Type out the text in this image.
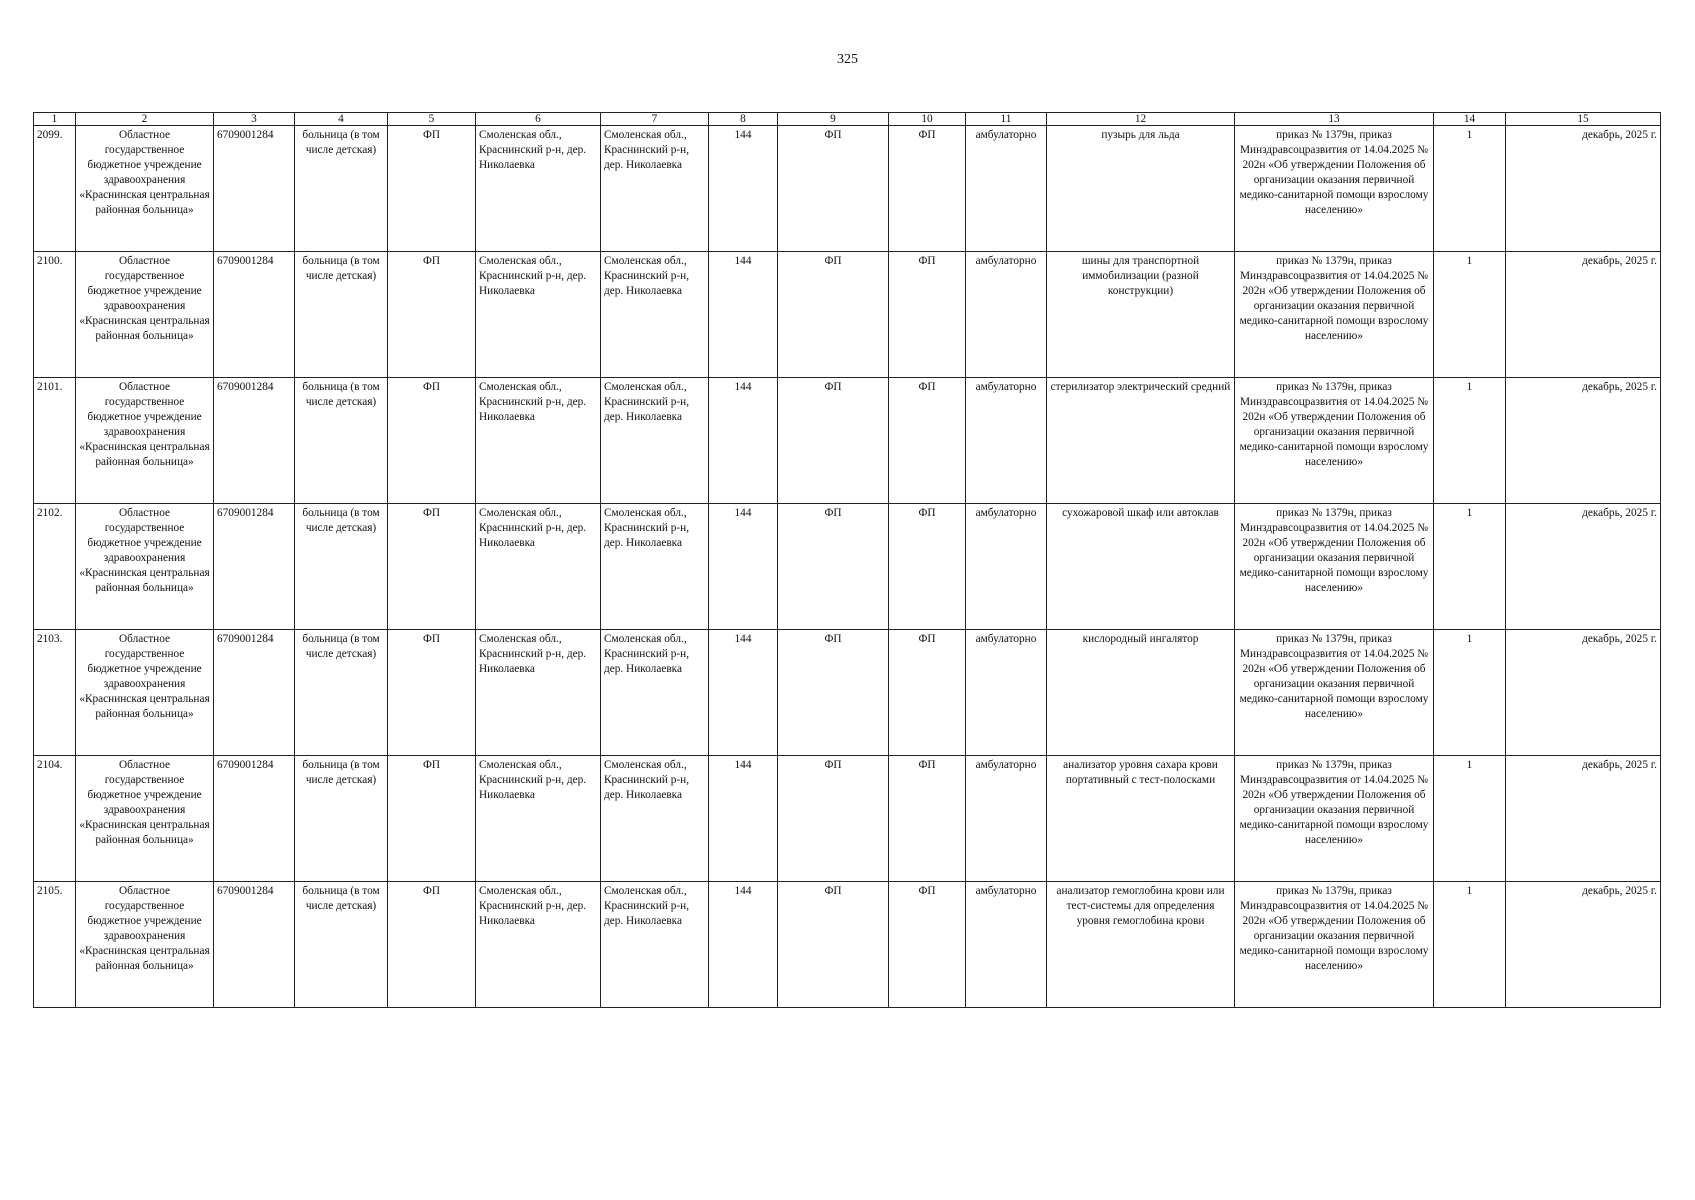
325
1	2	3	4	5	6	7	8	9	10	11	12	13	14	15
2099.	Областное государственное бюджетное учреждение здравоохранения «Краснинская центральная районная больница»	6709001284	больница (в том числе детская)	ФП	Смоленская обл., Краснинский р-н, дер. Николаевка	Смоленская обл., Краснинский р-н, дер. Николаевка	144	ФП	ФП	амбулаторно	пузырь для льда	приказ № 1379н, приказ Минздравсоцразвития от 14.04.2025 № 202н «Об утверждении Положения об организации оказания первичной медико-санитарной помощи взрослому населению»	1	декабрь, 2025 г.
2100.	Областное государственное бюджетное учреждение здравоохранения «Краснинская центральная районная больница»	6709001284	больница (в том числе детская)	ФП	Смоленская обл., Краснинский р-н, дер. Николаевка	Смоленская обл., Краснинский р-н, дер. Николаевка	144	ФП	ФП	амбулаторно	шины для транспортной иммобилизации (разной конструкции)	приказ № 1379н, приказ Минздравсоцразвития от 14.04.2025 № 202н «Об утверждении Положения об организации оказания первичной медико-санитарной помощи взрослому населению»	1	декабрь, 2025 г.
2101.	Областное государственное бюджетное учреждение здравоохранения «Краснинская центральная районная больница»	6709001284	больница (в том числе детская)	ФП	Смоленская обл., Краснинский р-н, дер. Николаевка	Смоленская обл., Краснинский р-н, дер. Николаевка	144	ФП	ФП	амбулаторно	стерилизатор электрический средний	приказ № 1379н, приказ Минздравсоцразвития от 14.04.2025 № 202н «Об утверждении Положения об организации оказания первичной медико-санитарной помощи взрослому населению»	1	декабрь, 2025 г.
2102.	Областное государственное бюджетное учреждение здравоохранения «Краснинская центральная районная больница»	6709001284	больница (в том числе детская)	ФП	Смоленская обл., Краснинский р-н, дер. Николаевка	Смоленская обл., Краснинский р-н, дер. Николаевка	144	ФП	ФП	амбулаторно	сухожаровой шкаф или автоклав	приказ № 1379н, приказ Минздравсоцразвития от 14.04.2025 № 202н «Об утверждении Положения об организации оказания первичной медико-санитарной помощи взрослому населению»	1	декабрь, 2025 г.
2103.	Областное государственное бюджетное учреждение здравоохранения «Краснинская центральная районная больница»	6709001284	больница (в том числе детская)	ФП	Смоленская обл., Краснинский р-н, дер. Николаевка	Смоленская обл., Краснинский р-н, дер. Николаевка	144	ФП	ФП	амбулаторно	кислородный ингалятор	приказ № 1379н, приказ Минздравсоцразвития от 14.04.2025 № 202н «Об утверждении Положения об организации оказания первичной медико-санитарной помощи взрослому населению»	1	декабрь, 2025 г.
2104.	Областное государственное бюджетное учреждение здравоохранения «Краснинская центральная районная больница»	6709001284	больница (в том числе детская)	ФП	Смоленская обл., Краснинский р-н, дер. Николаевка	Смоленская обл., Краснинский р-н, дер. Николаевка	144	ФП	ФП	амбулаторно	анализатор уровня сахара крови портативный с тест-полосками	приказ № 1379н, приказ Минздравсоцразвития от 14.04.2025 № 202н «Об утверждении Положения об организации оказания первичной медико-санитарной помощи взрослому населению»	1	декабрь, 2025 г.
2105.	Областное государственное бюджетное учреждение здравоохранения «Краснинская центральная районная больница»	6709001284	больница (в том числе детская)	ФП	Смоленская обл., Краснинский р-н, дер. Николаевка	Смоленская обл., Краснинский р-н, дер. Николаевка	144	ФП	ФП	амбулаторно	анализатор гемоглобина крови или тест-системы для определения уровня гемоглобина крови	приказ № 1379н, приказ Минздравсоцразвития от 14.04.2025 № 202н «Об утверждении Положения об организации оказания первичной медико-санитарной помощи взрослому населению»	1	декабрь, 2025 г.
